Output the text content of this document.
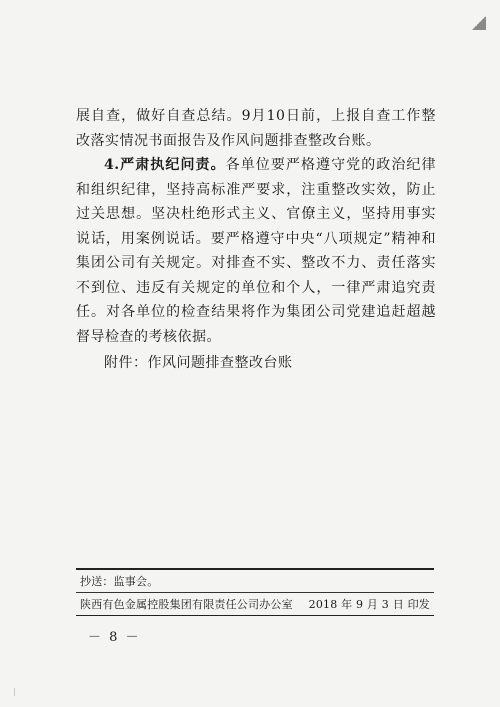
展自查，做好自查总结。9月10日前，上报自查工作整改落实情况书面报告及作风问题排查整改台账。

4.严肃执纪问责。各单位要严格遵守党的政治纪律和组织纪律，坚持高标准严要求，注重整改实效，防止过关思想。坚决杜绝形式主义、官僚主义，坚持用事实说话，用案例说话。要严格遵守中央“八项规定”精神和集团公司有关规定。对排查不实、整改不力、责任落实不到位、违反有关规定的单位和个人，一律严肃追究责任。对各单位的检查结果将作为集团公司党建追赶超越督导检查的考核依据。

附件：作风问题排查整改台账
抄送：监事会。
陕西有色金属控股集团有限责任公司办公室 2018 年 9 月 3 日 印发
－ 8 －
